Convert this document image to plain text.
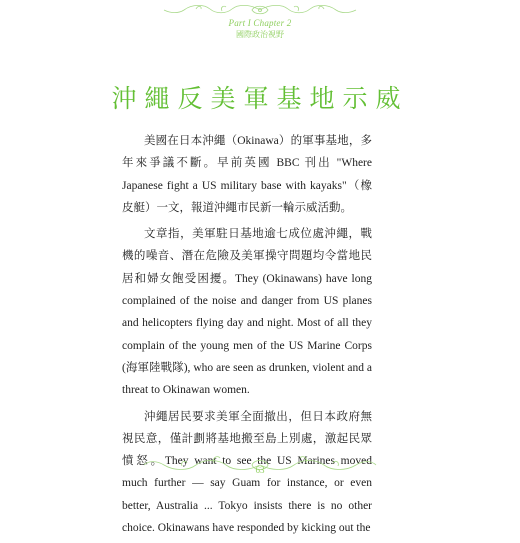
Part I Chapter 2
國際政治視野
沖繩反美軍基地示威

美國在日本沖繩（Okinawa）的軍事基地，多年來爭議不斷。早前英國 BBC 刊出 "Where Japanese fight a US military base with kayaks"（橡皮艇）一文，報道沖繩市民新一輪示威活動。

文章指，美軍駐日基地逾七成位處沖繩，戰機的噪音、潛在危險及美軍操守問題均令當地民居和婦女飽受困擾。They (Okinawans) have long complained of the noise and danger from US planes and helicopters flying day and night. Most of all they complain of the young men of the US Marine Corps (海軍陸戰隊), who are seen as drunken, violent and a threat to Okinawan women.

沖繩居民要求美軍全面撤出，但日本政府無視民意，僅計劃將基地搬至島上別處，激起民眾憤怒。They want to see the US Marines moved much further — say Guam for instance, or even better, Australia ... Tokyo insists there is no other choice. Okinawans have responded by kicking out the

63
